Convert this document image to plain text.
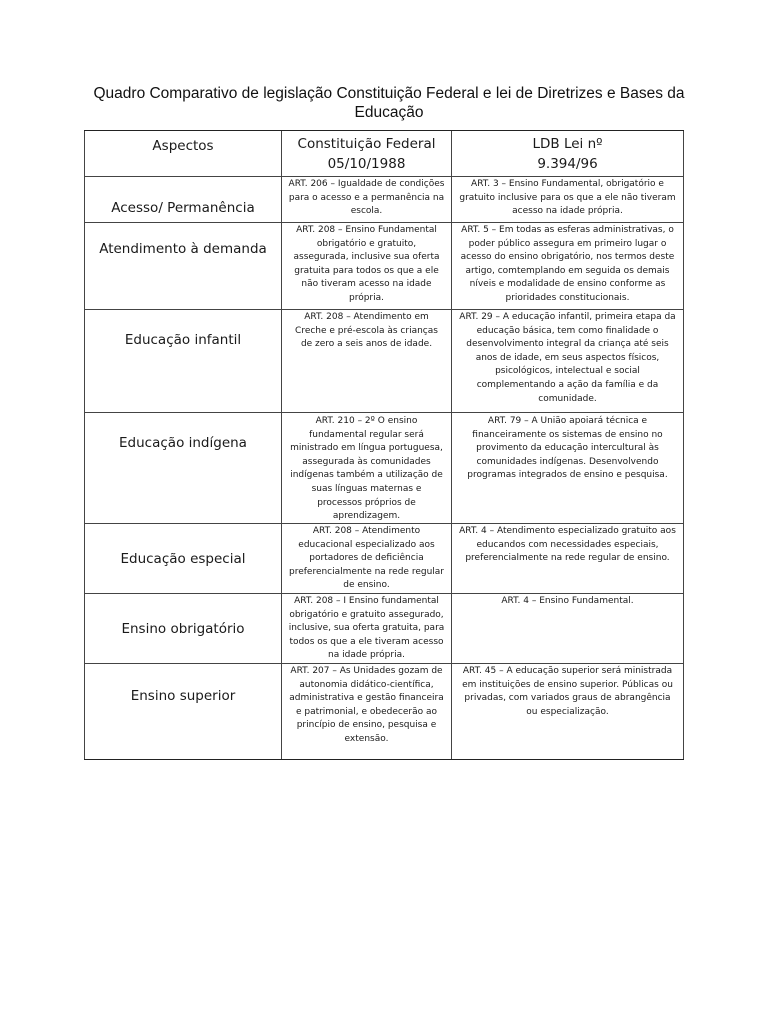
Quadro Comparativo de legislação Constituição Federal e lei de Diretrizes e Bases da Educação
Aspectos	Constituição Federal
05/10/1988
LDB Lei nº
9.394/96
Acesso/ Permanência
ART. 206 – Igualdade de condições para o acesso e a permanência na escola.
ART. 3 – Ensino Fundamental, obrigatório e gratuito inclusive para os que a ele não tiveram acesso na idade própria.
Atendimento à demanda
ART. 208 – Ensino Fundamental obrigatório e gratuito, assegurada, inclusive sua oferta gratuita para todos os que a ele não tiveram acesso na idade própria.
ART. 5 – Em todas as esferas administrativas, o poder público assegura em primeiro lugar o acesso do ensino obrigatório, nos termos deste artigo, comtemplando em seguida os demais níveis e modalidade de ensino conforme as prioridades constitucionais.
Educação infantil
ART. 208 – Atendimento em Creche e pré-escola às crianças de zero a seis anos de idade.
ART. 29 – A educação infantil, primeira etapa da educação básica, tem como finalidade o desenvolvimento integral da criança até seis anos de idade, em seus aspectos físicos, psicológicos, intelectual e social complementando a ação da família e da comunidade.
Educação indígena
ART. 210 – 2º O ensino fundamental regular será ministrado em língua portuguesa, assegurada às comunidades indígenas também a utilização de suas línguas maternas e processos próprios de aprendizagem.
ART. 79 – A União apoiará técnica e financeiramente os sistemas de ensino no provimento da educação intercultural às comunidades indígenas. Desenvolvendo programas integrados de ensino e pesquisa.
Educação especial
ART. 208 – Atendimento educacional especializado aos portadores de deficiência preferencialmente na rede regular de ensino.
ART. 4 – Atendimento especializado gratuito aos educandos com necessidades especiais, preferencialmente na rede regular de ensino.
Ensino obrigatório
ART. 208 – I Ensino fundamental obrigatório e gratuito assegurado, inclusive, sua oferta gratuita, para todos os que a ele tiveram acesso na idade própria.
ART. 4 – Ensino Fundamental.
Ensino superior
ART. 207 – As Unidades gozam de autonomia didático-científica, administrativa e gestão financeira e patrimonial, e obedecerão ao princípio de ensino, pesquisa e extensão.
ART. 45 – A educação superior será ministrada em instituições de ensino superior. Públicas ou privadas, com variados graus de abrangência ou especialização.
